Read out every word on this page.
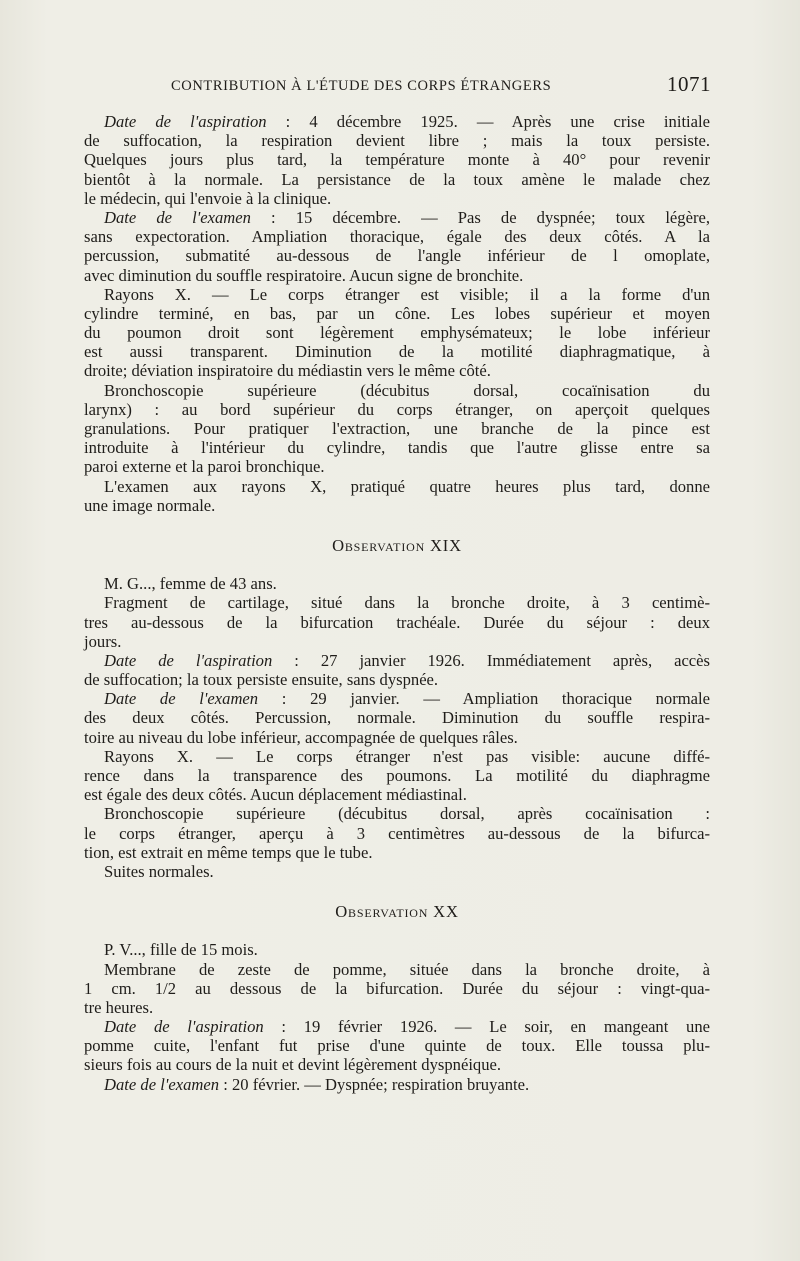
CONTRIBUTION À L'ÉTUDE DES CORPS ÉTRANGERS	1071
Date de l'aspiration : 4 décembre 1925. — Après une crise initiale
de suffocation, la respiration devient libre ; mais la toux persiste.
Quelques jours plus tard, la température monte à 40° pour revenir
bientôt à la normale. La persistance de la toux amène le malade chez
le médecin, qui l'envoie à la clinique.
Date de l'examen : 15 décembre. — Pas de dyspnée; toux légère,
sans expectoration. Ampliation thoracique, égale des deux côtés. A la
percussion, submatité au-dessous de l'angle inférieur de l omoplate,
avec diminution du souffle respiratoire. Aucun signe de bronchite.
Rayons X. — Le corps étranger est visible; il a la forme d'un
cylindre terminé, en bas, par un cône. Les lobes supérieur et moyen
du poumon droit sont légèrement emphysémateux; le lobe inférieur
est aussi transparent. Diminution de la motilité diaphragmatique, à
droite; déviation inspiratoire du médiastin vers le même côté.
Bronchoscopie supérieure (décubitus dorsal, cocaïnisation du
larynx) : au bord supérieur du corps étranger, on aperçoit quelques
granulations. Pour pratiquer l'extraction, une branche de la pince est
introduite à l'intérieur du cylindre, tandis que l'autre glisse entre sa
paroi externe et la paroi bronchique.
L'examen aux rayons X, pratiqué quatre heures plus tard, donne
une image normale.
Observation XIX
M. G..., femme de 43 ans.
Fragment de cartilage, situé dans la bronche droite, à 3 centimè-
tres au-dessous de la bifurcation trachéale. Durée du séjour : deux
jours.
Date de l'aspiration : 27 janvier 1926. Immédiatement après, accès
de suffocation; la toux persiste ensuite, sans dyspnée.
Date de l'examen : 29 janvier. — Ampliation thoracique normale
des deux côtés. Percussion, normale. Diminution du souffle respira-
toire au niveau du lobe inférieur, accompagnée de quelques râles.
Rayons X. — Le corps étranger n'est pas visible: aucune diffé-
rence dans la transparence des poumons. La motilité du diaphragme
est égale des deux côtés. Aucun déplacement médiastinal.
Bronchoscopie supérieure (décubitus dorsal, après cocaïnisation :
le corps étranger, aperçu à 3 centimètres au-dessous de la bifurca-
tion, est extrait en même temps que le tube.
Suites normales.
Observation XX
P. V..., fille de 15 mois.
Membrane de zeste de pomme, située dans la bronche droite, à
1 cm. 1/2 au dessous de la bifurcation. Durée du séjour : vingt-qua-
tre heures.
Date de l'aspiration : 19 février 1926. — Le soir, en mangeant une
pomme cuite, l'enfant fut prise d'une quinte de toux. Elle toussa plu-
sieurs fois au cours de la nuit et devint légèrement dyspnéique.
Date de l'examen : 20 février. — Dyspnée; respiration bruyante.
